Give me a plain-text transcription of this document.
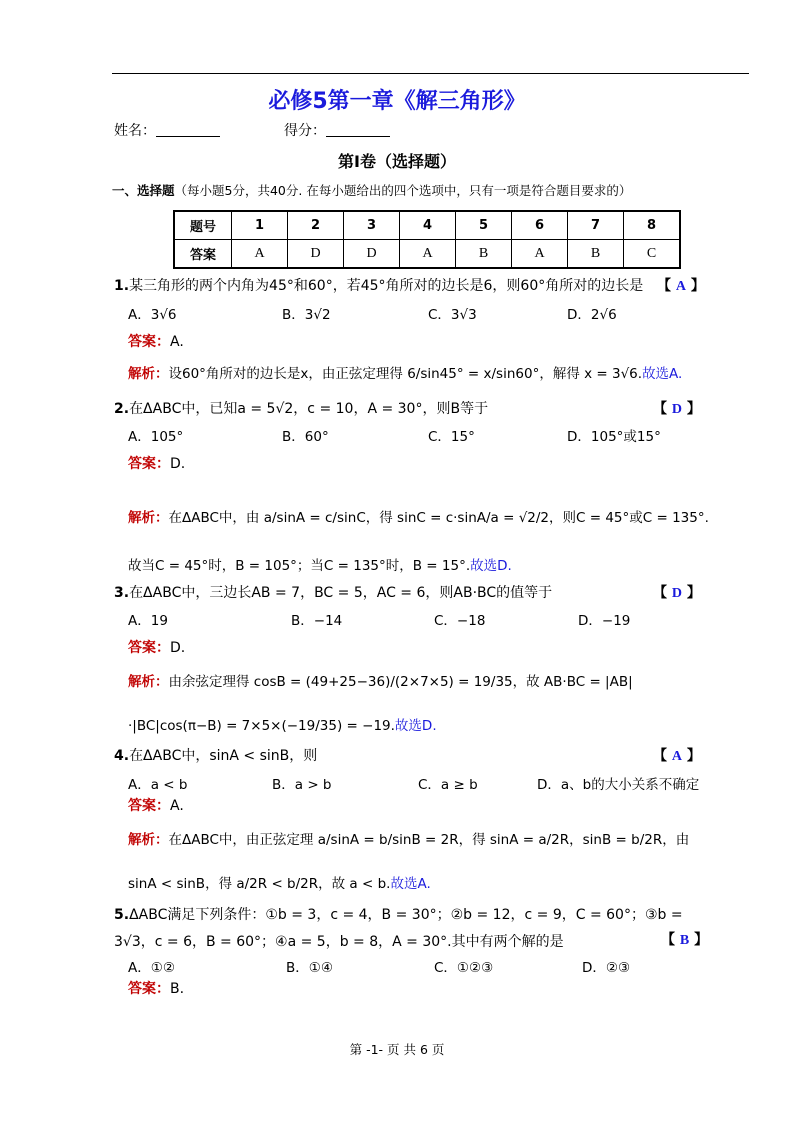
必修5第一章《解三角形》
姓名：	得分：
第Ⅰ卷（选择题）
一、选择题（每小题5分，共40分. 在每小题给出的四个选项中，只有一项是符合题目要求的）
题号	1	2	3	4	5	6	7	8
答案	A	D	D	A	B	A	B	C
1.某三角形的两个内角为45°和60°，若45°角所对的边长是6，则60°角所对的边长是 【 A 】
A．3√6	B．3√2	C．3√3	D．2√6
答案：A.
解析：设60°角所对的边长是x，由正弦定理得 6/sin45° = x/sin60°，解得 x = 3√6.故选A.
2.在ΔABC中，已知a = 5√2，c = 10，A = 30°，则B等于	【 D 】
A．105°	B．60°	C．15°	D．105°或15°
答案：D.
解析：在ΔABC中，由 a/sinA = c/sinC，得 sinC = c·sinA/a = √2/2，则C = 45°或C = 135°. 故当C = 45°时，B = 105°；当C = 135°时，B = 15°.故选D.
3.在ΔABC中，三边长AB = 7，BC = 5，AC = 6，则AB·BC的值等于	【 D 】
A．19	B．−14	C．−18	D．−19
答案：D.
解析：由余弦定理得 cosB = (49+25−36)/(2×7×5) = 19/35，故 AB·BC = |AB|·|BC|cos(π−B) = 7×5×(−19/35) = −19.故选D.
4.在ΔABC中，sinA < sinB，则	【 A 】
A．a < b	B．a > b	C．a ≥ b	D．a、b的大小关系不确定
答案：A.
解析：在ΔABC中，由正弦定理 a/sinA = b/sinB = 2R，得 sinA = a/2R，sinB = b/2R，由 sinA < sinB，得 a/2R < b/2R，故 a < b.故选A.
5.ΔABC满足下列条件：①b = 3，c = 4，B = 30°；②b = 12，c = 9，C = 60°；③b = 3√3，c = 6，B = 60°；④a = 5，b = 8，A = 30°.其中有两个解的是	【 B 】
A．①②	B．①④	C．①②③	D．②③
答案：B.
第 -1- 页 共 6 页
